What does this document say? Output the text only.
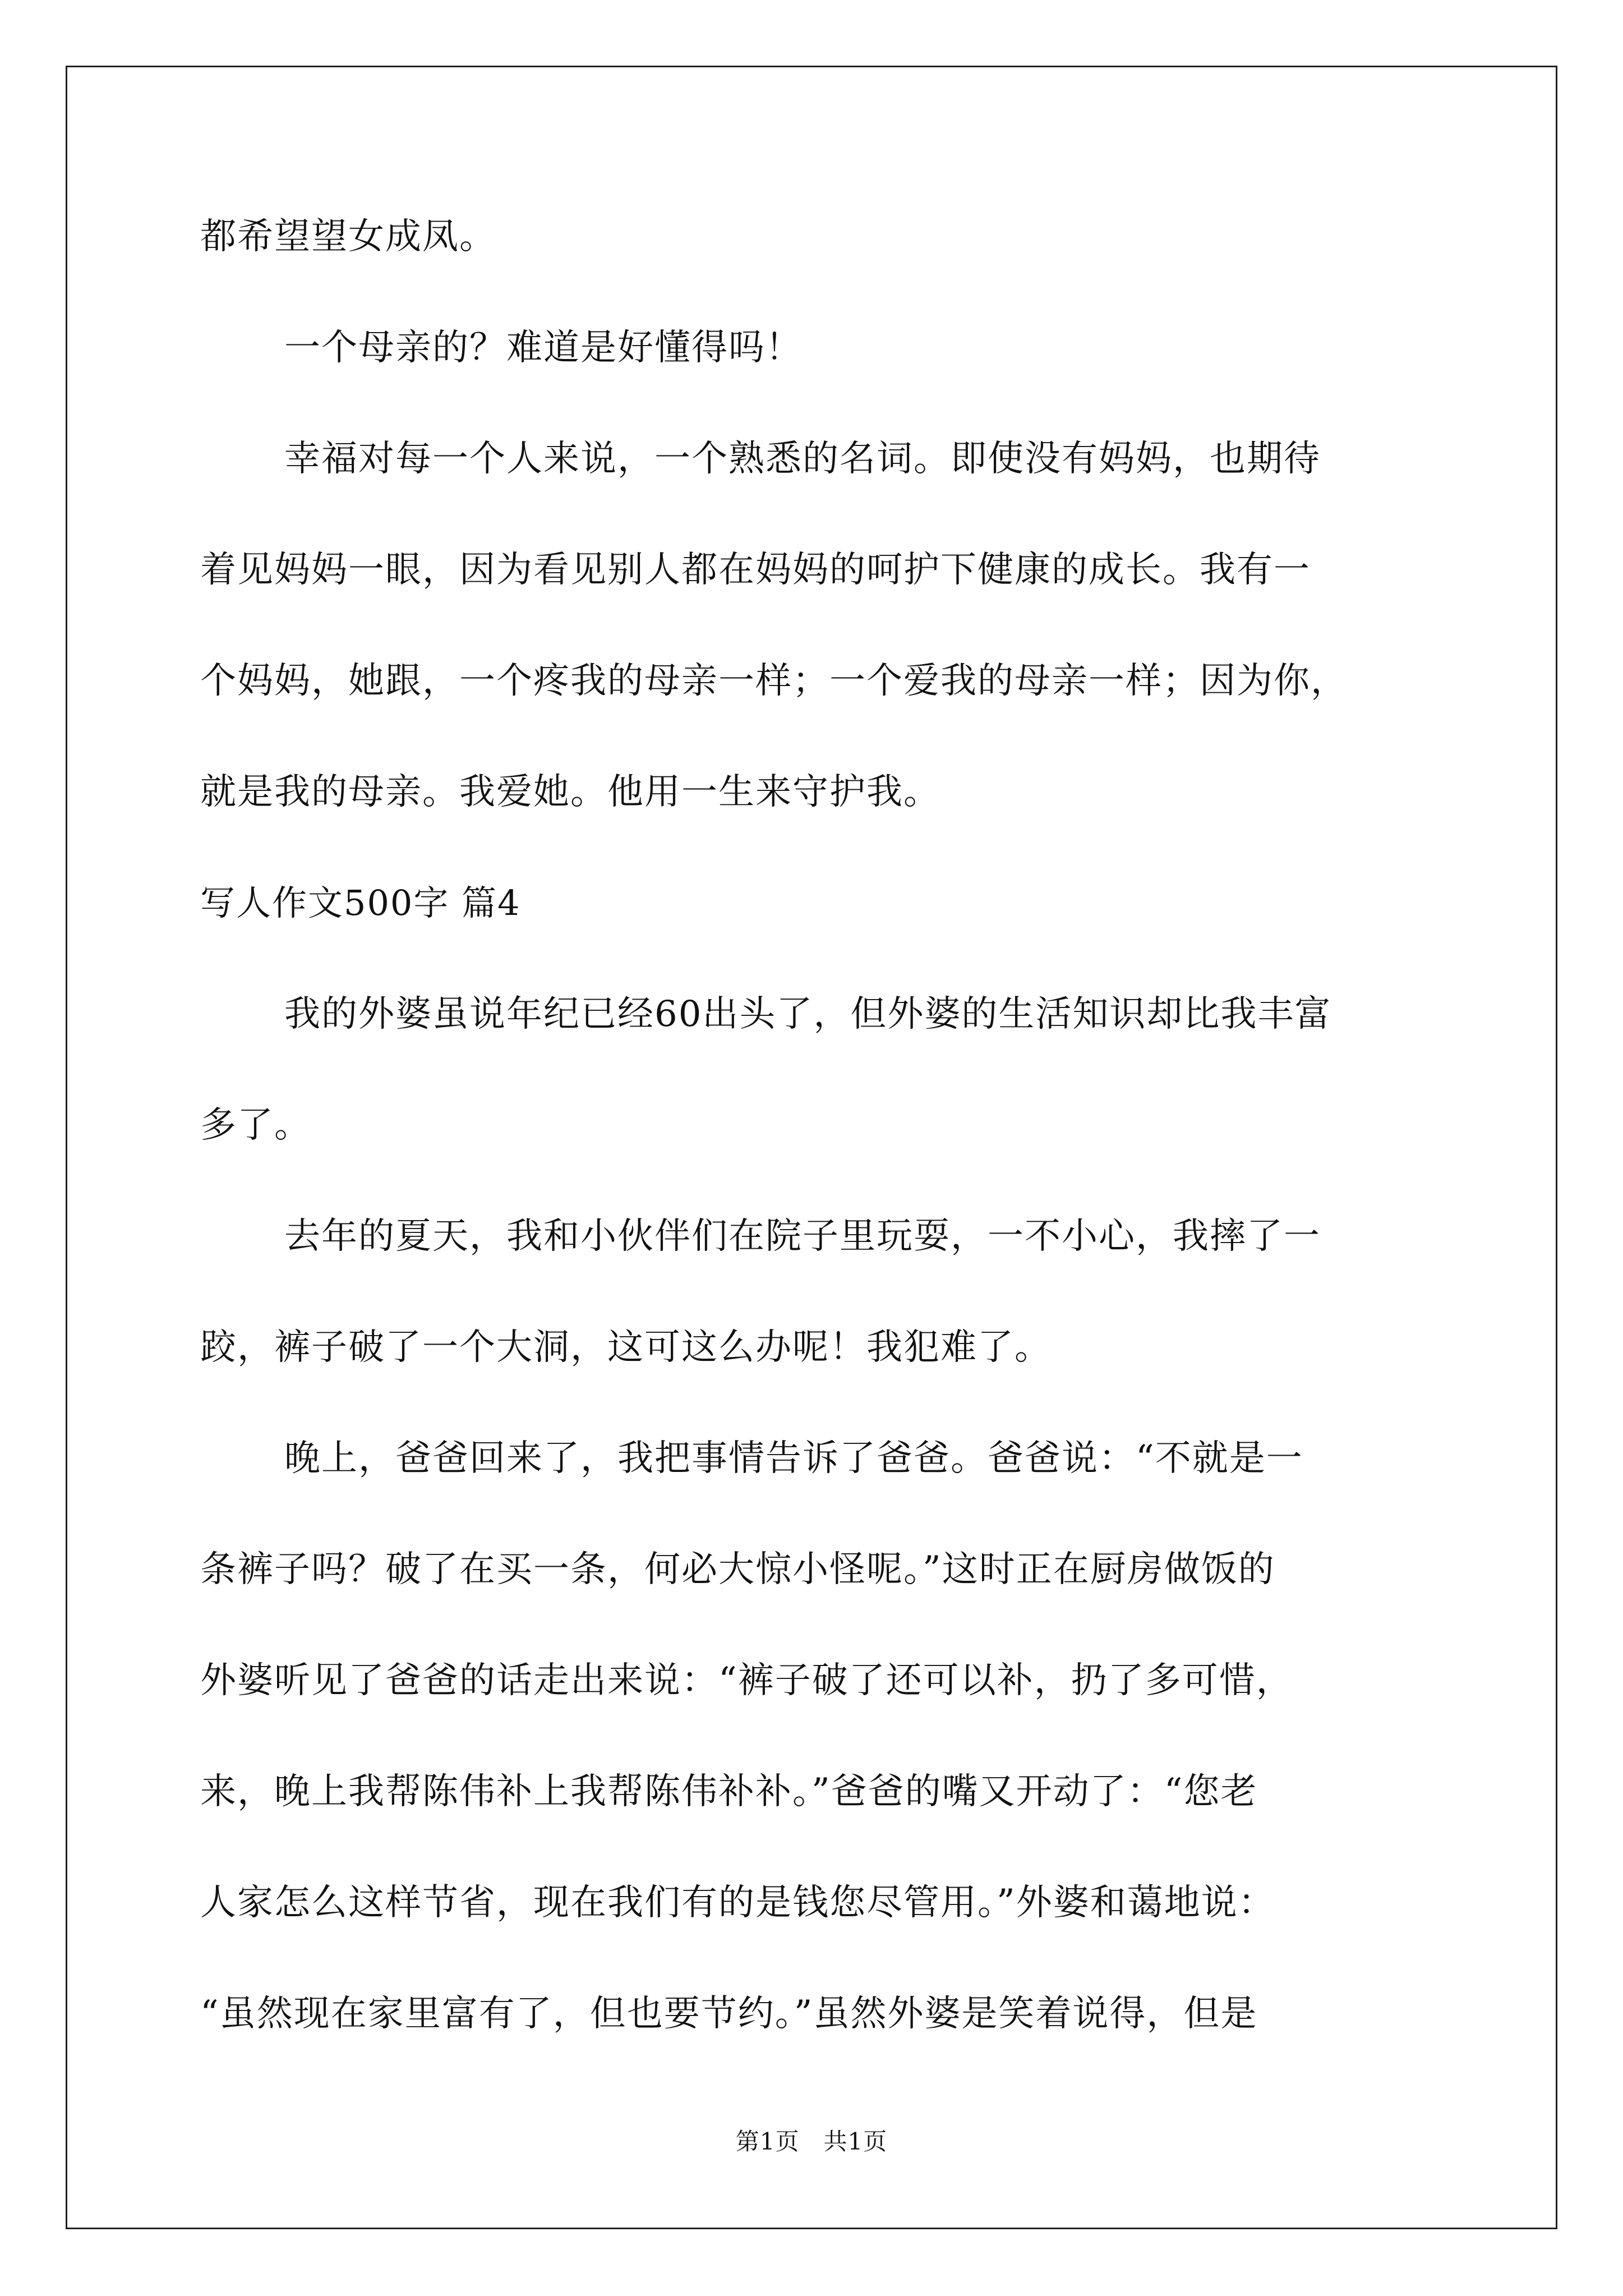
都希望望女成凤。
一个母亲的？难道是好懂得吗！
幸福对每一个人来说，一个熟悉的名词。即使没有妈妈，也期待
着见妈妈一眼，因为看见别人都在妈妈的呵护下健康的成长。我有一
个妈妈，她跟，一个疼我的母亲一样；一个爱我的母亲一样；因为你，
就是我的母亲。我爱她。他用一生来守护我。
写人作文500字 篇4
我的外婆虽说年纪已经60出头了，但外婆的生活知识却比我丰富
多了。
去年的夏天，我和小伙伴们在院子里玩耍，一不小心，我摔了一
跤，裤子破了一个大洞，这可这么办呢！我犯难了。
晚上，爸爸回来了，我把事情告诉了爸爸。爸爸说：“不就是一
条裤子吗？破了在买一条，何必大惊小怪呢。”这时正在厨房做饭的
外婆听见了爸爸的话走出来说：“裤子破了还可以补，扔了多可惜，
来，晚上我帮陈伟补上我帮陈伟补补。”爸爸的嘴又开动了：“您老
人家怎么这样节省，现在我们有的是钱您尽管用。”外婆和蔼地说：
“虽然现在家里富有了，但也要节约。”虽然外婆是笑着说得，但是
第1页　共1页
